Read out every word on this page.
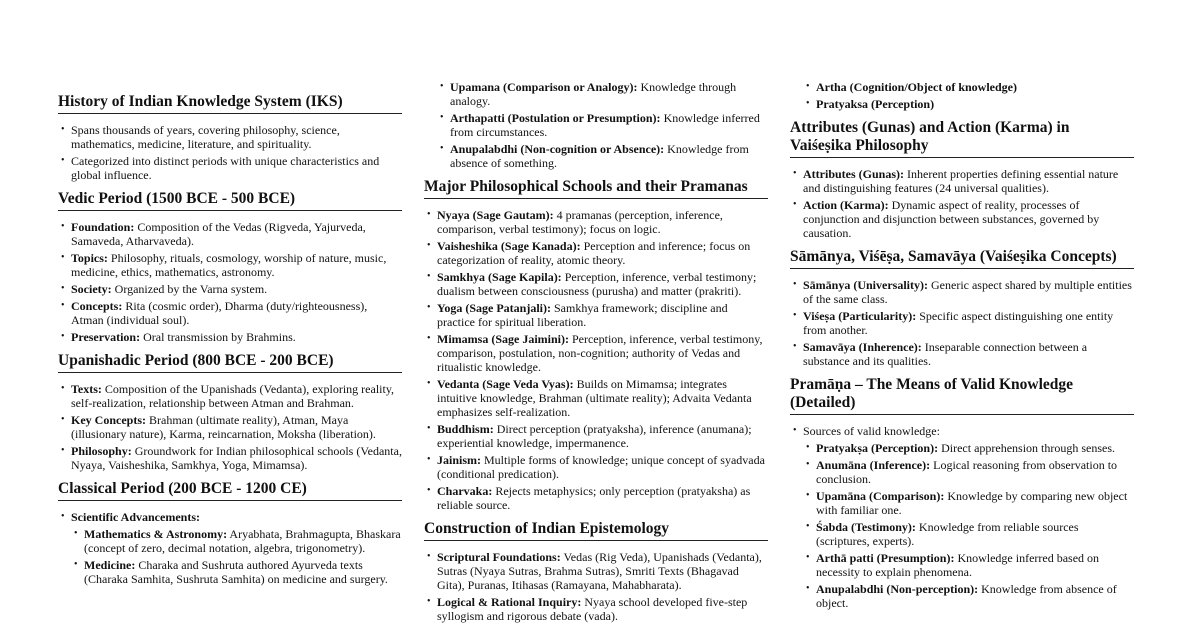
History of Indian Knowledge System (IKS)
• Spans thousands of years, covering philosophy, science, mathematics, medicine, literature, and spirituality.
• Categorized into distinct periods with unique characteristics and global influence.
Vedic Period (1500 BCE - 500 BCE)
• Foundation: Composition of the Vedas (Rigveda, Yajurveda, Samaveda, Atharvaveda).
• Topics: Philosophy, rituals, cosmology, worship of nature, music, medicine, ethics, mathematics, astronomy.
• Society: Organized by the Varna system.
• Concepts: Rita (cosmic order), Dharma (duty/righteousness), Atman (individual soul).
• Preservation: Oral transmission by Brahmins.
Upanishadic Period (800 BCE - 200 BCE)
• Texts: Composition of the Upanishads (Vedanta), exploring reality, self-realization, relationship between Atman and Brahman.
• Key Concepts: Brahman (ultimate reality), Atman, Maya (illusionary nature), Karma, reincarnation, Moksha (liberation).
• Philosophy: Groundwork for Indian philosophical schools (Vedanta, Nyaya, Vaisheshika, Samkhya, Yoga, Mimamsa).
Classical Period (200 BCE - 1200 CE)
• Scientific Advancements:
• Mathematics & Astronomy: Aryabhata, Brahmagupta, Bhaskara (concept of zero, decimal notation, algebra, trigonometry).
• Medicine: Charaka and Sushruta authored Ayurveda texts (Charaka Samhita, Sushruta Samhita) on medicine and surgery.
• Upamana (Comparison or Analogy): Knowledge through analogy.
• Arthapatti (Postulation or Presumption): Knowledge inferred from circumstances.
• Anupalabdhi (Non-cognition or Absence): Knowledge from absence of something.
Major Philosophical Schools and their Pramanas
• Nyaya (Sage Gautam): 4 pramanas (perception, inference, comparison, verbal testimony); focus on logic.
• Vaisheshika (Sage Kanada): Perception and inference; focus on categorization of reality, atomic theory.
• Samkhya (Sage Kapila): Perception, inference, verbal testimony; dualism between consciousness (purusha) and matter (prakriti).
• Yoga (Sage Patanjali): Samkhya framework; discipline and practice for spiritual liberation.
• Mimamsa (Sage Jaimini): Perception, inference, verbal testimony, comparison, postulation, non-cognition; authority of Vedas and ritualistic knowledge.
• Vedanta (Sage Veda Vyas): Builds on Mimamsa; integrates intuitive knowledge, Brahman (ultimate reality); Advaita Vedanta emphasizes self-realization.
• Buddhism: Direct perception (pratyaksha), inference (anumana); experiential knowledge, impermanence.
• Jainism: Multiple forms of knowledge; unique concept of syadvada (conditional predication).
• Charvaka: Rejects metaphysics; only perception (pratyaksha) as reliable source.
Construction of Indian Epistemology
• Scriptural Foundations: Vedas (Rig Veda), Upanishads (Vedanta), Sutras (Nyaya Sutras, Brahma Sutras), Smriti Texts (Bhagavad Gita), Puranas, Itihasas (Ramayana, Mahabharata).
• Logical & Rational Inquiry: Nyaya school developed five-step syllogism and rigorous debate (vada).
• Artha (Cognition/Object of knowledge)
• Pratyaksa (Perception)
Attributes (Gunas) and Action (Karma) in Vaiśeṣika Philosophy
• Attributes (Gunas): Inherent properties defining essential nature and distinguishing features (24 universal qualities).
• Action (Karma): Dynamic aspect of reality, processes of conjunction and disjunction between substances, governed by causation.
Sāmānya, Viśēṣa, Samavāya (Vaiśeṣika Concepts)
• Sāmānya (Universality): Generic aspect shared by multiple entities of the same class.
• Viśeṣa (Particularity): Specific aspect distinguishing one entity from another.
• Samavāya (Inherence): Inseparable connection between a substance and its qualities.
Pramāṇa – The Means of Valid Knowledge (Detailed)
• Sources of valid knowledge:
• Pratyakṣa (Perception): Direct apprehension through senses.
• Anumāna (Inference): Logical reasoning from observation to conclusion.
• Upamāna (Comparison): Knowledge by comparing new object with familiar one.
• Śabda (Testimony): Knowledge from reliable sources (scriptures, experts).
• Arthā patti (Presumption): Knowledge inferred based on necessity to explain phenomena.
• Anupalabdhi (Non-perception): Knowledge from absence of object.
